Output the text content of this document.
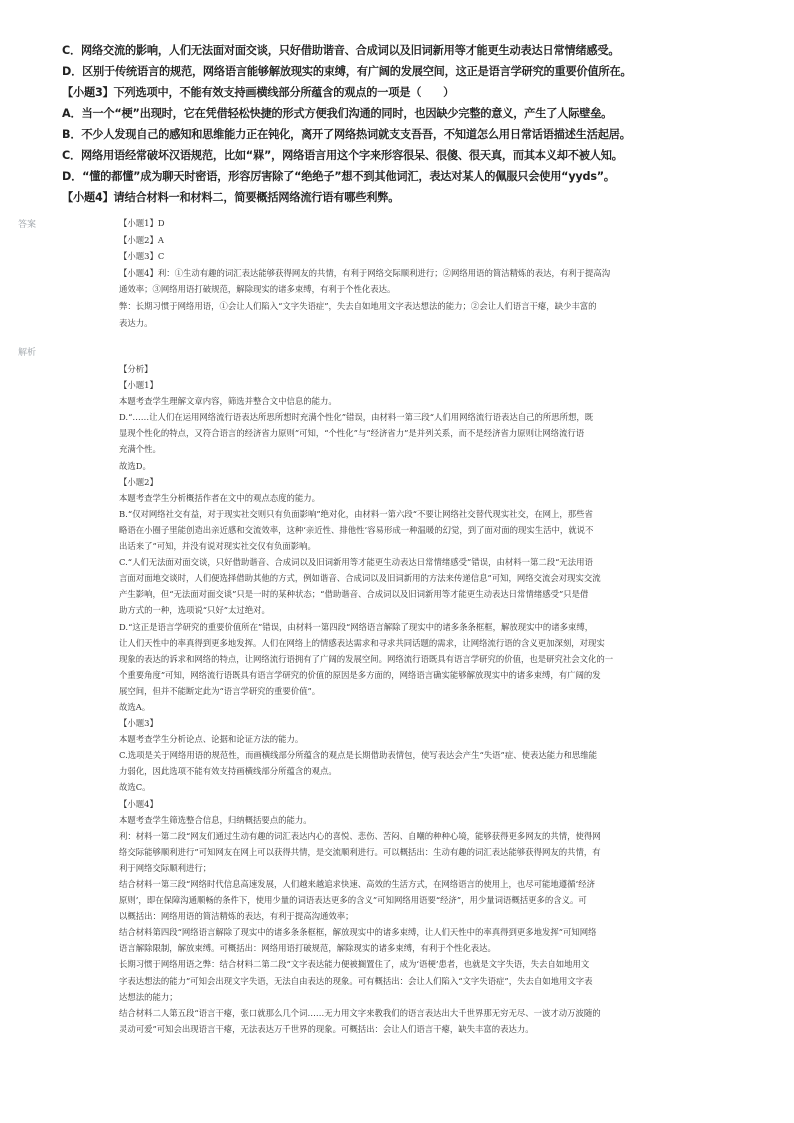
C．网络交流的影响，人们无法面对面交谈，只好借助谐音、合成词以及旧词新用等才能更生动表达日常情绪感受。
D．区别于传统语言的规范，网络语言能够解放现实的束缚，有广阔的发展空间，这正是语言学研究的重要价值所在。
【小题3】下列选项中，不能有效支持画横线部分所蕴含的观点的一项是（　　）
A．当一个“梗”出现时，它在凭借轻松快捷的形式方便我们沟通的同时，也因缺少完整的意义，产生了人际壁垒。
B．不少人发现自己的感知和思维能力正在钝化，离开了网络热词就支支吾吾，不知道怎么用日常话语描述生活起居。
C．网络用语经常破坏汉语规范，比如“槑”，网络语言用这个字来形容很呆、很傻、很天真，而其本义却不被人知。
D．“懂的都懂”成为聊天时密语，形容厉害除了“绝绝子”想不到其他词汇，表达对某人的佩服只会使用“yyds”。
【小题4】请结合材料一和材料二，简要概括网络流行语有哪些利弊。
答案	【小题1】D
【小题2】A
【小题3】C
【小题4】利：①生动有趣的词汇表达能够获得网友的共情，有利于网络交际顺利进行；②网络用语的简洁精炼的表达，有利于提高沟
通效率；③网络用语打破规范，解除现实的诸多束缚，有利于个性化表达。
弊：长期习惯于网络用语，①会让人们陷入“文字失语症”，失去自如地用文字表达想法的能力；②会让人们语言干瘪，缺少丰富的
表达力。
解析
【分析】
【小题1】
本题考查学生理解文章内容，筛选并整合文中信息的能力。
D.“……让人们在运用网络流行语表达所思所想时充满个性化”错误，由材料一第三段“人们用网络流行语表达自己的所思所想，既
显现个性化的特点，又符合语言的经济省力原则”可知，“个性化”与“经济省力”是并列关系，而不是经济省力原则让网络流行语
充满个性。
故选D。
【小题2】
本题考查学生分析概括作者在文中的观点态度的能力。
B.“仅对网络社交有益，对于现实社交则只有负面影响”绝对化，由材料一第六段“不要让网络社交替代现实社交，在网上，那些省
略语在小圈子里能创造出亲近感和交流效率，这种‘亲近性、排他性’容易形成一种温暖的幻觉，到了面对面的现实生活中，就说不
出话来了”可知，并没有说对现实社交仅有负面影响。
C.“人们无法面对面交谈，只好借助谐音、合成词以及旧词新用等才能更生动表达日常情绪感受”错误，由材料一第二段“无法用语
言面对面地交谈时，人们便选择借助其他的方式，例如谐音、合成词以及旧词新用的方法来传递信息”可知，网络交流会对现实交流
产生影响，但“无法面对面交谈”只是一时的某种状态；“借助谐音、合成词以及旧词新用等才能更生动表达日常情绪感受”只是借
助方式的一种，选项说“只好”太过绝对。
D.“这正是语言学研究的重要价值所在”错误，由材料一第四段“网络语言解除了现实中的诸多条条框框，解放现实中的诸多束缚，
让人们天性中的率真得到更多地发挥。人们在网络上的情感表达需求和寻求共同话题的需求，让网络流行语的含义更加深刻，对现实
现象的表达的诉求和网络的特点，让网络流行语拥有了广阔的发展空间。网络流行语既具有语言学研究的价值，也是研究社会文化的一
个重要角度”可知，网络流行语既具有语言学研究的价值的原因是多方面的，网络语言确实能够解放现实中的诸多束缚，有广阔的发
展空间，但并不能断定此为“语言学研究的重要价值”。
故选A。
【小题3】
本题考查学生分析论点、论据和论证方法的能力。
C.选项是关于网络用语的规范性，而画横线部分所蕴含的观点是长期借助表情包，使写表达会产生“失语”症、使表达能力和思维能
力弱化，因此选项不能有效支持画横线部分所蕴含的观点。
故选C。
【小题4】
本题考查学生筛选整合信息，归纳概括要点的能力。
利：材料一第二段“网友们通过生动有趣的词汇表达内心的喜悦、悲伤、苦闷、自嘲的种种心境，能够获得更多网友的共情，使得网
络交际能够顺利进行”可知网友在网上可以获得共情，是交流顺利进行。可以概括出：生动有趣的词汇表达能够获得网友的共情，有
利于网络交际顺利进行；
结合材料一第三段“网络时代信息高速发展，人们越来越追求快速、高效的生活方式，在网络语言的使用上，也尽可能地遵循‘经济
原则’，即在保障沟通顺畅的条件下，使用少量的词语表达更多的含义”可知网络用语要“经济”，用少量词语概括更多的含义。可
以概括出：网络用语的简洁精炼的表达，有利于提高沟通效率；
结合材料第四段“网络语言解除了现实中的诸多条条框框，解放现实中的诸多束缚，让人们天性中的率真得到更多地发挥”可知网络
语言解除限制，解放束缚。可概括出：网络用语打破规范，解除现实的诸多束缚，有利于个性化表达。
长期习惯于网络用语之弊：结合材料二第二段“文字表达能力便被搁置住了，成为‘语梗’患者，也就是文字失语，失去自如地用文
字表达想法的能力”可知会出现文字失语，无法自由表达的现象。可有概括出：会让人们陷入“文字失语症”，失去自如地用文字表
达想法的能力；
结合材料二人第五段“语言干瘪，张口就那么几个词……无力用文字来教我们的语言表达出大千世界那无穷无尽、一波才动万波随的
灵动可爱”可知会出现语言干瘪，无法表达万千世界的现象。可概括出：会让人们语言干瘪，缺失丰富的表达力。
